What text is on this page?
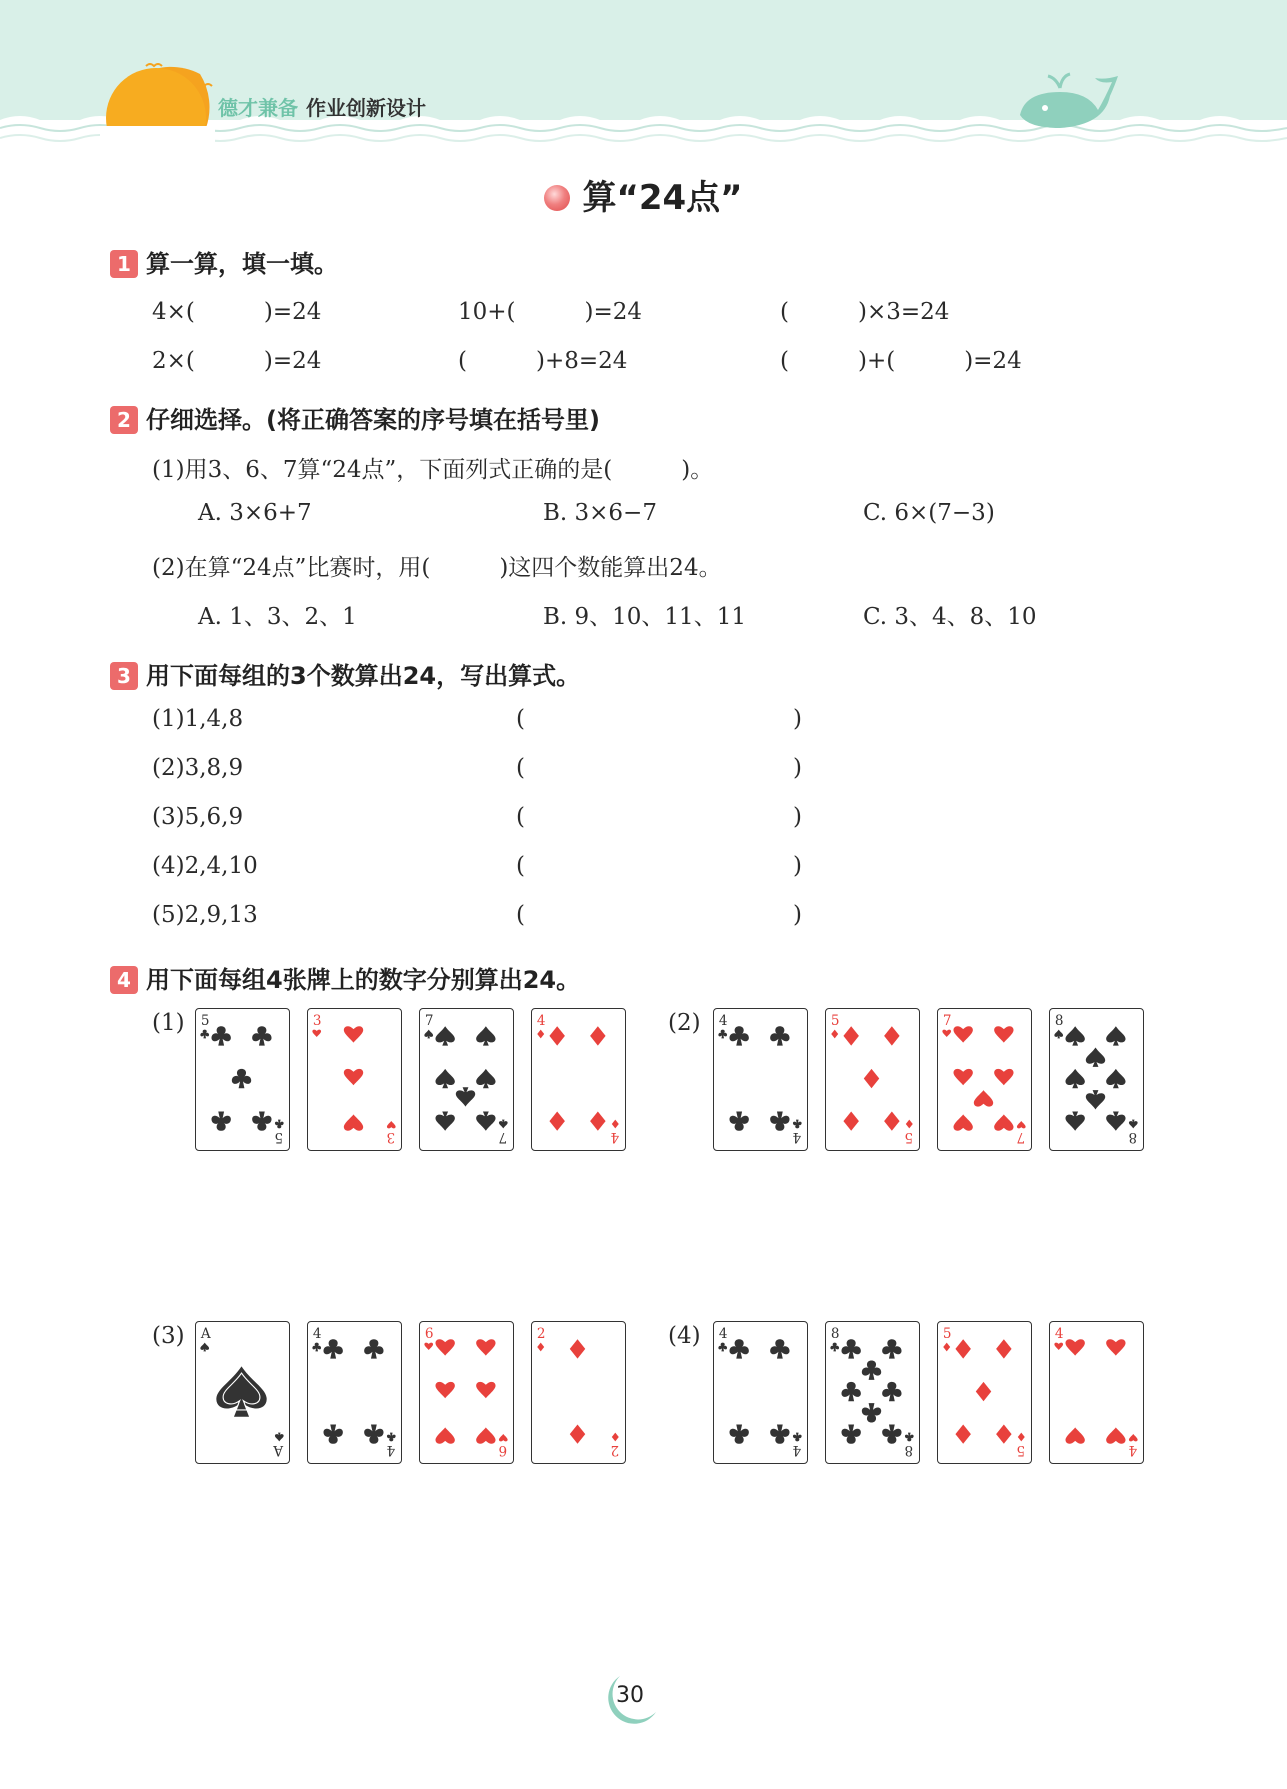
德才兼备 作业创新设计
算“24点”
1 算一算，填一填。
4×(　　　)=24	10+(　　　)=24	(　　　)×3=24
2×(　　　)=24	(　　　)+8=24	(　　　)+(　　　)=24
2 仔细选择。(将正确答案的序号填在括号里)
(1)用3、6、7算“24点”，下面列式正确的是(　　　)。
A. 3×6+7	B. 3×6−7	C. 6×(7−3)
(2)在算“24点”比赛时，用(　　　)这四个数能算出24。
A. 1、3、2、1	B. 9、10、11、11	C. 3、4、8、10
3 用下面每组的3个数算出24，写出算式。
(1)1,4,8	(	)
(2)3,8,9	(	)
(3)5,6,9	(	)
(4)2,4,10	(	)
(5)2,9,13	(	)
4 用下面每组4张牌上的数字分别算出24。
(1)	(2)
(3)	(4)
5
5
3
3
7
7
4
4
4
4
5
5
7
7
8
8
A
A
4
4
6
6
2
2
4
4
8
8
5
5
4
4
30
